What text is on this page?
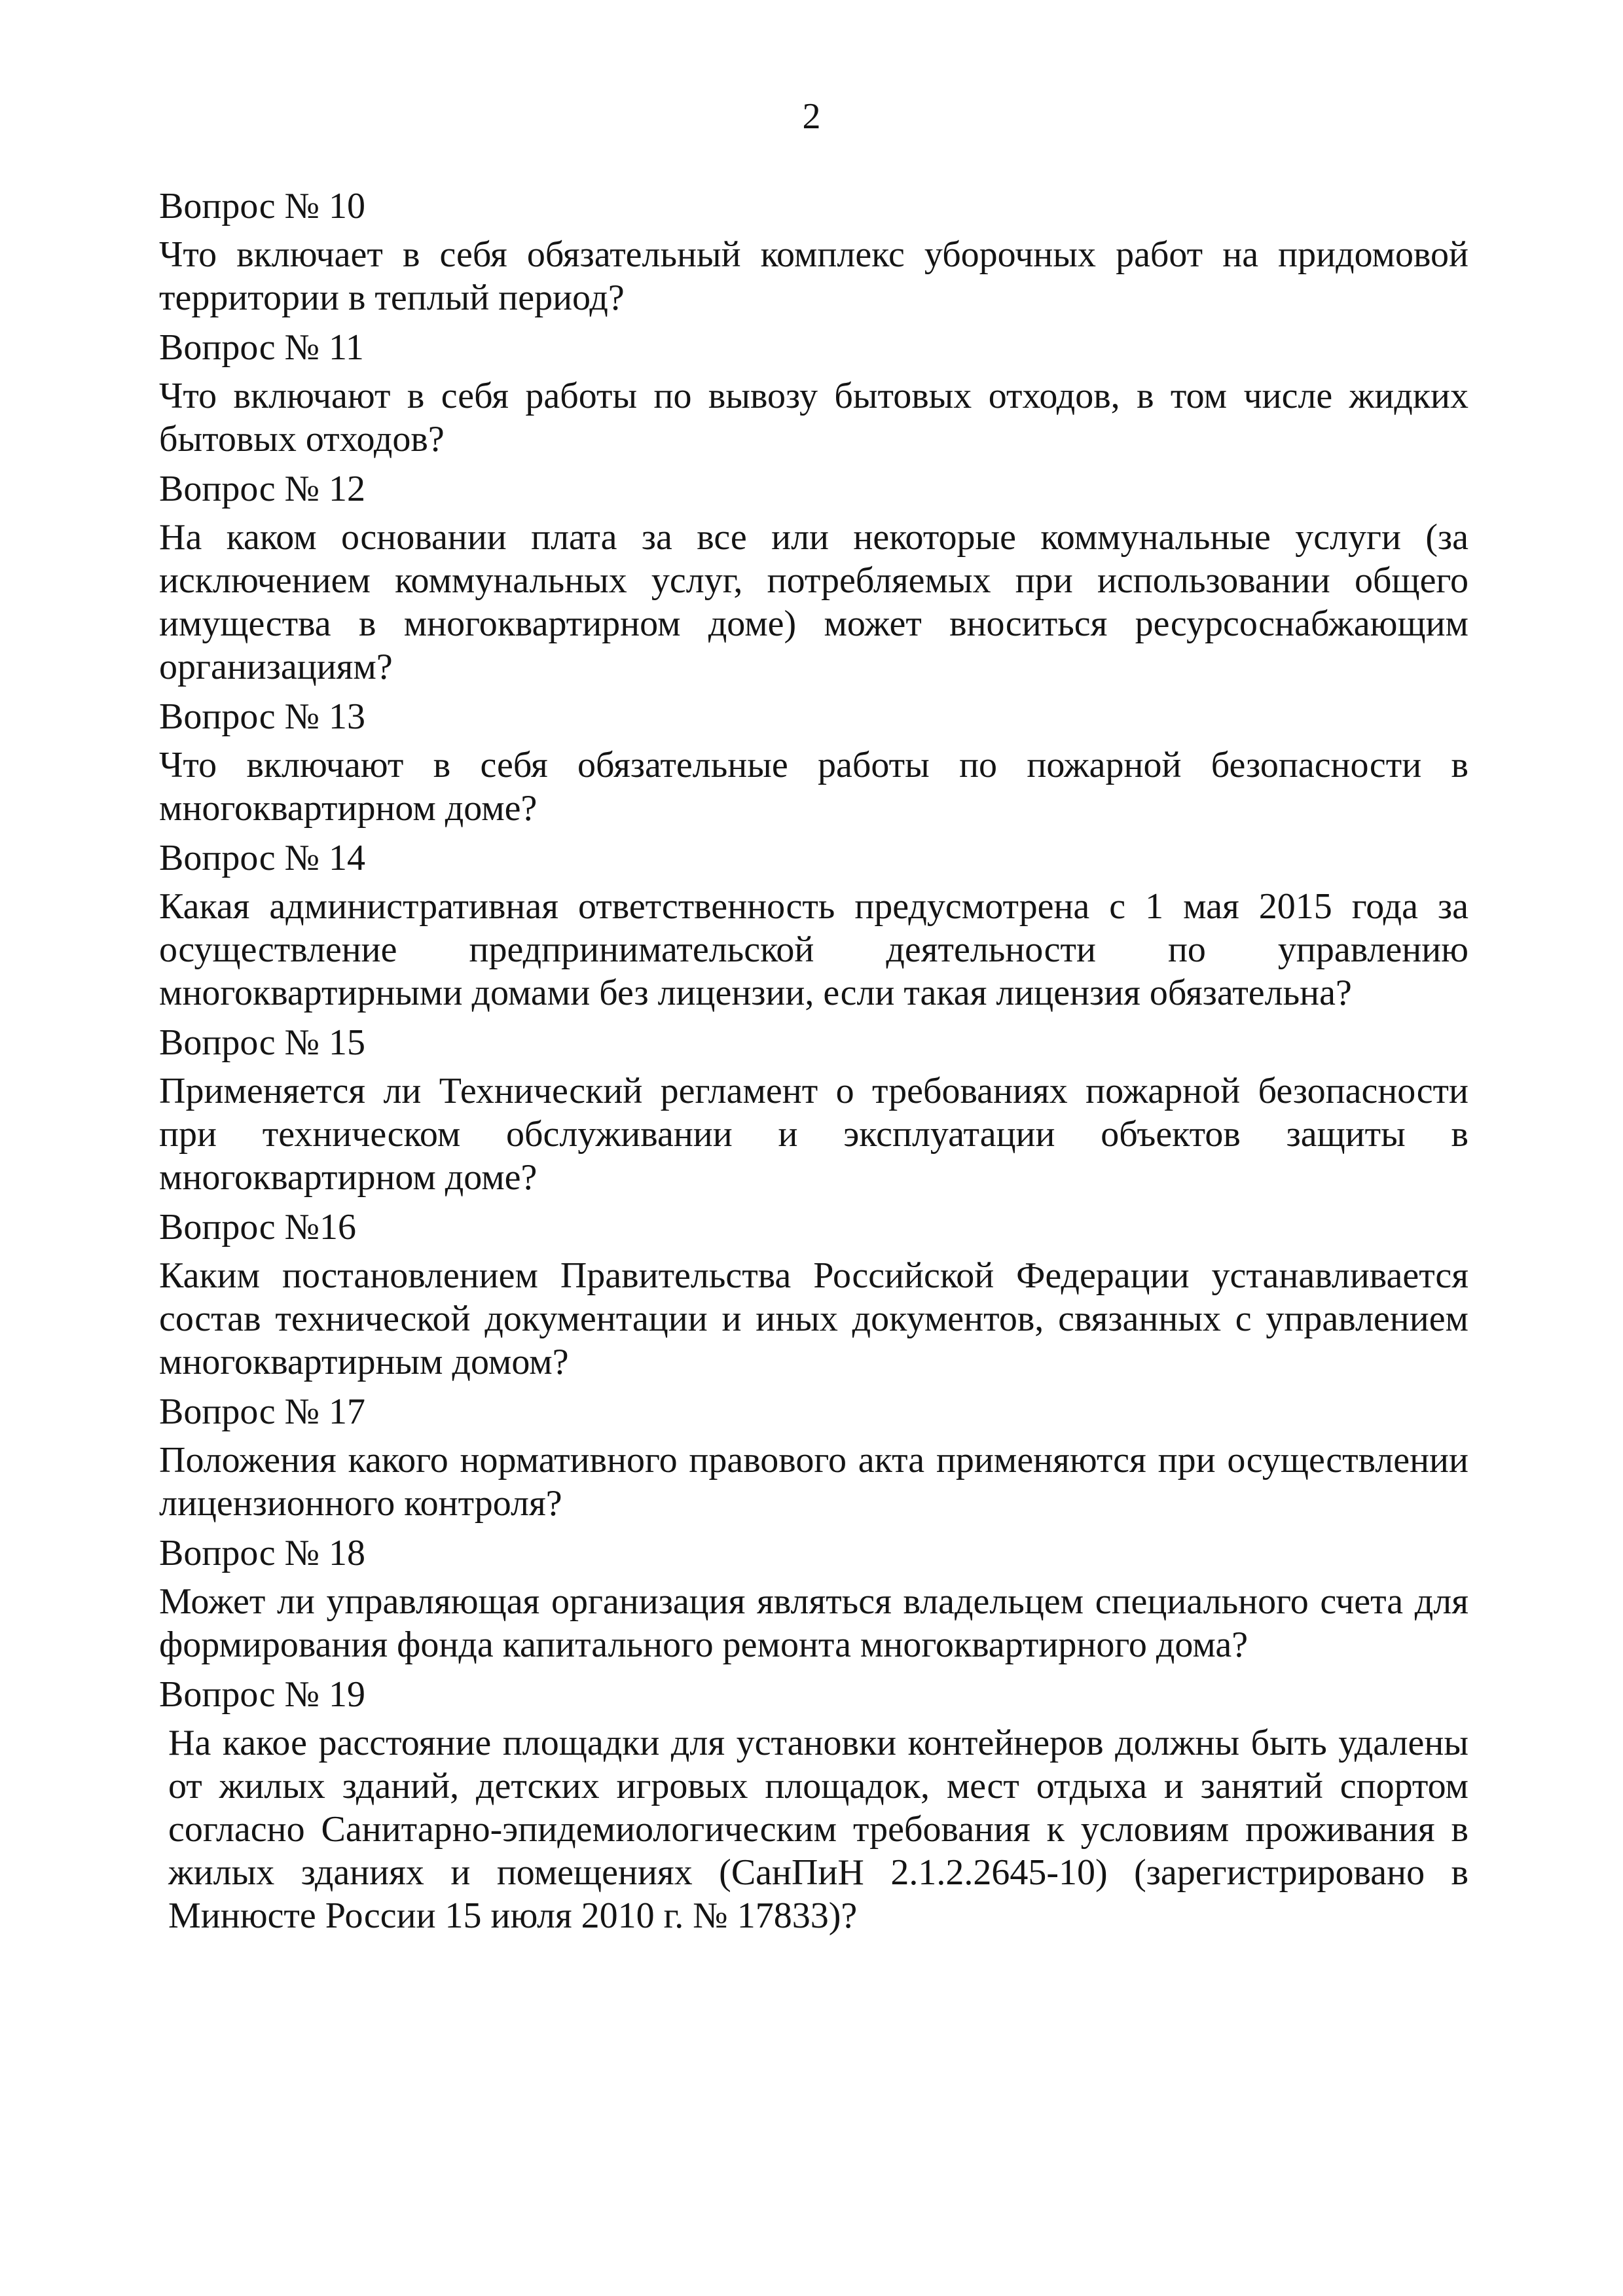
2
Вопрос № 10
Что включает в себя обязательный комплекс уборочных работ на придомовой территории в теплый период?
Вопрос № 11
Что включают в себя работы по вывозу бытовых отходов, в том числе жидких бытовых отходов?
Вопрос № 12
На каком основании плата за все или некоторые коммунальные услуги (за исключением коммунальных услуг, потребляемых при использовании общего имущества в многоквартирном доме) может вноситься ресурсоснабжающим организациям?
Вопрос № 13
Что включают в себя обязательные работы по пожарной безопасности в многоквартирном доме?
Вопрос № 14
Какая административная ответственность предусмотрена с 1 мая 2015 года за осуществление предпринимательской деятельности по управлению многоквартирными домами без лицензии, если такая лицензия обязательна?
Вопрос № 15
Применяется ли Технический регламент о требованиях пожарной безопасности при техническом обслуживании и эксплуатации объектов защиты в многоквартирном доме?
Вопрос №16
Каким постановлением Правительства Российской Федерации устанавливается состав технической документации и иных документов, связанных с управлением многоквартирным домом?
Вопрос № 17
Положения какого нормативного правового акта применяются при осуществлении лицензионного контроля?
Вопрос № 18
Может ли управляющая организация являться владельцем специального счета для формирования фонда капитального ремонта многоквартирного дома?
Вопрос № 19
На какое расстояние площадки для установки контейнеров должны быть удалены от жилых зданий, детских игровых площадок, мест отдыха и занятий спортом согласно Санитарно-эпидемиологическим требования к условиям проживания в жилых зданиях и помещениях (СанПиН 2.1.2.2645-10) (зарегистрировано в Минюсте России 15 июля 2010 г. № 17833)?
